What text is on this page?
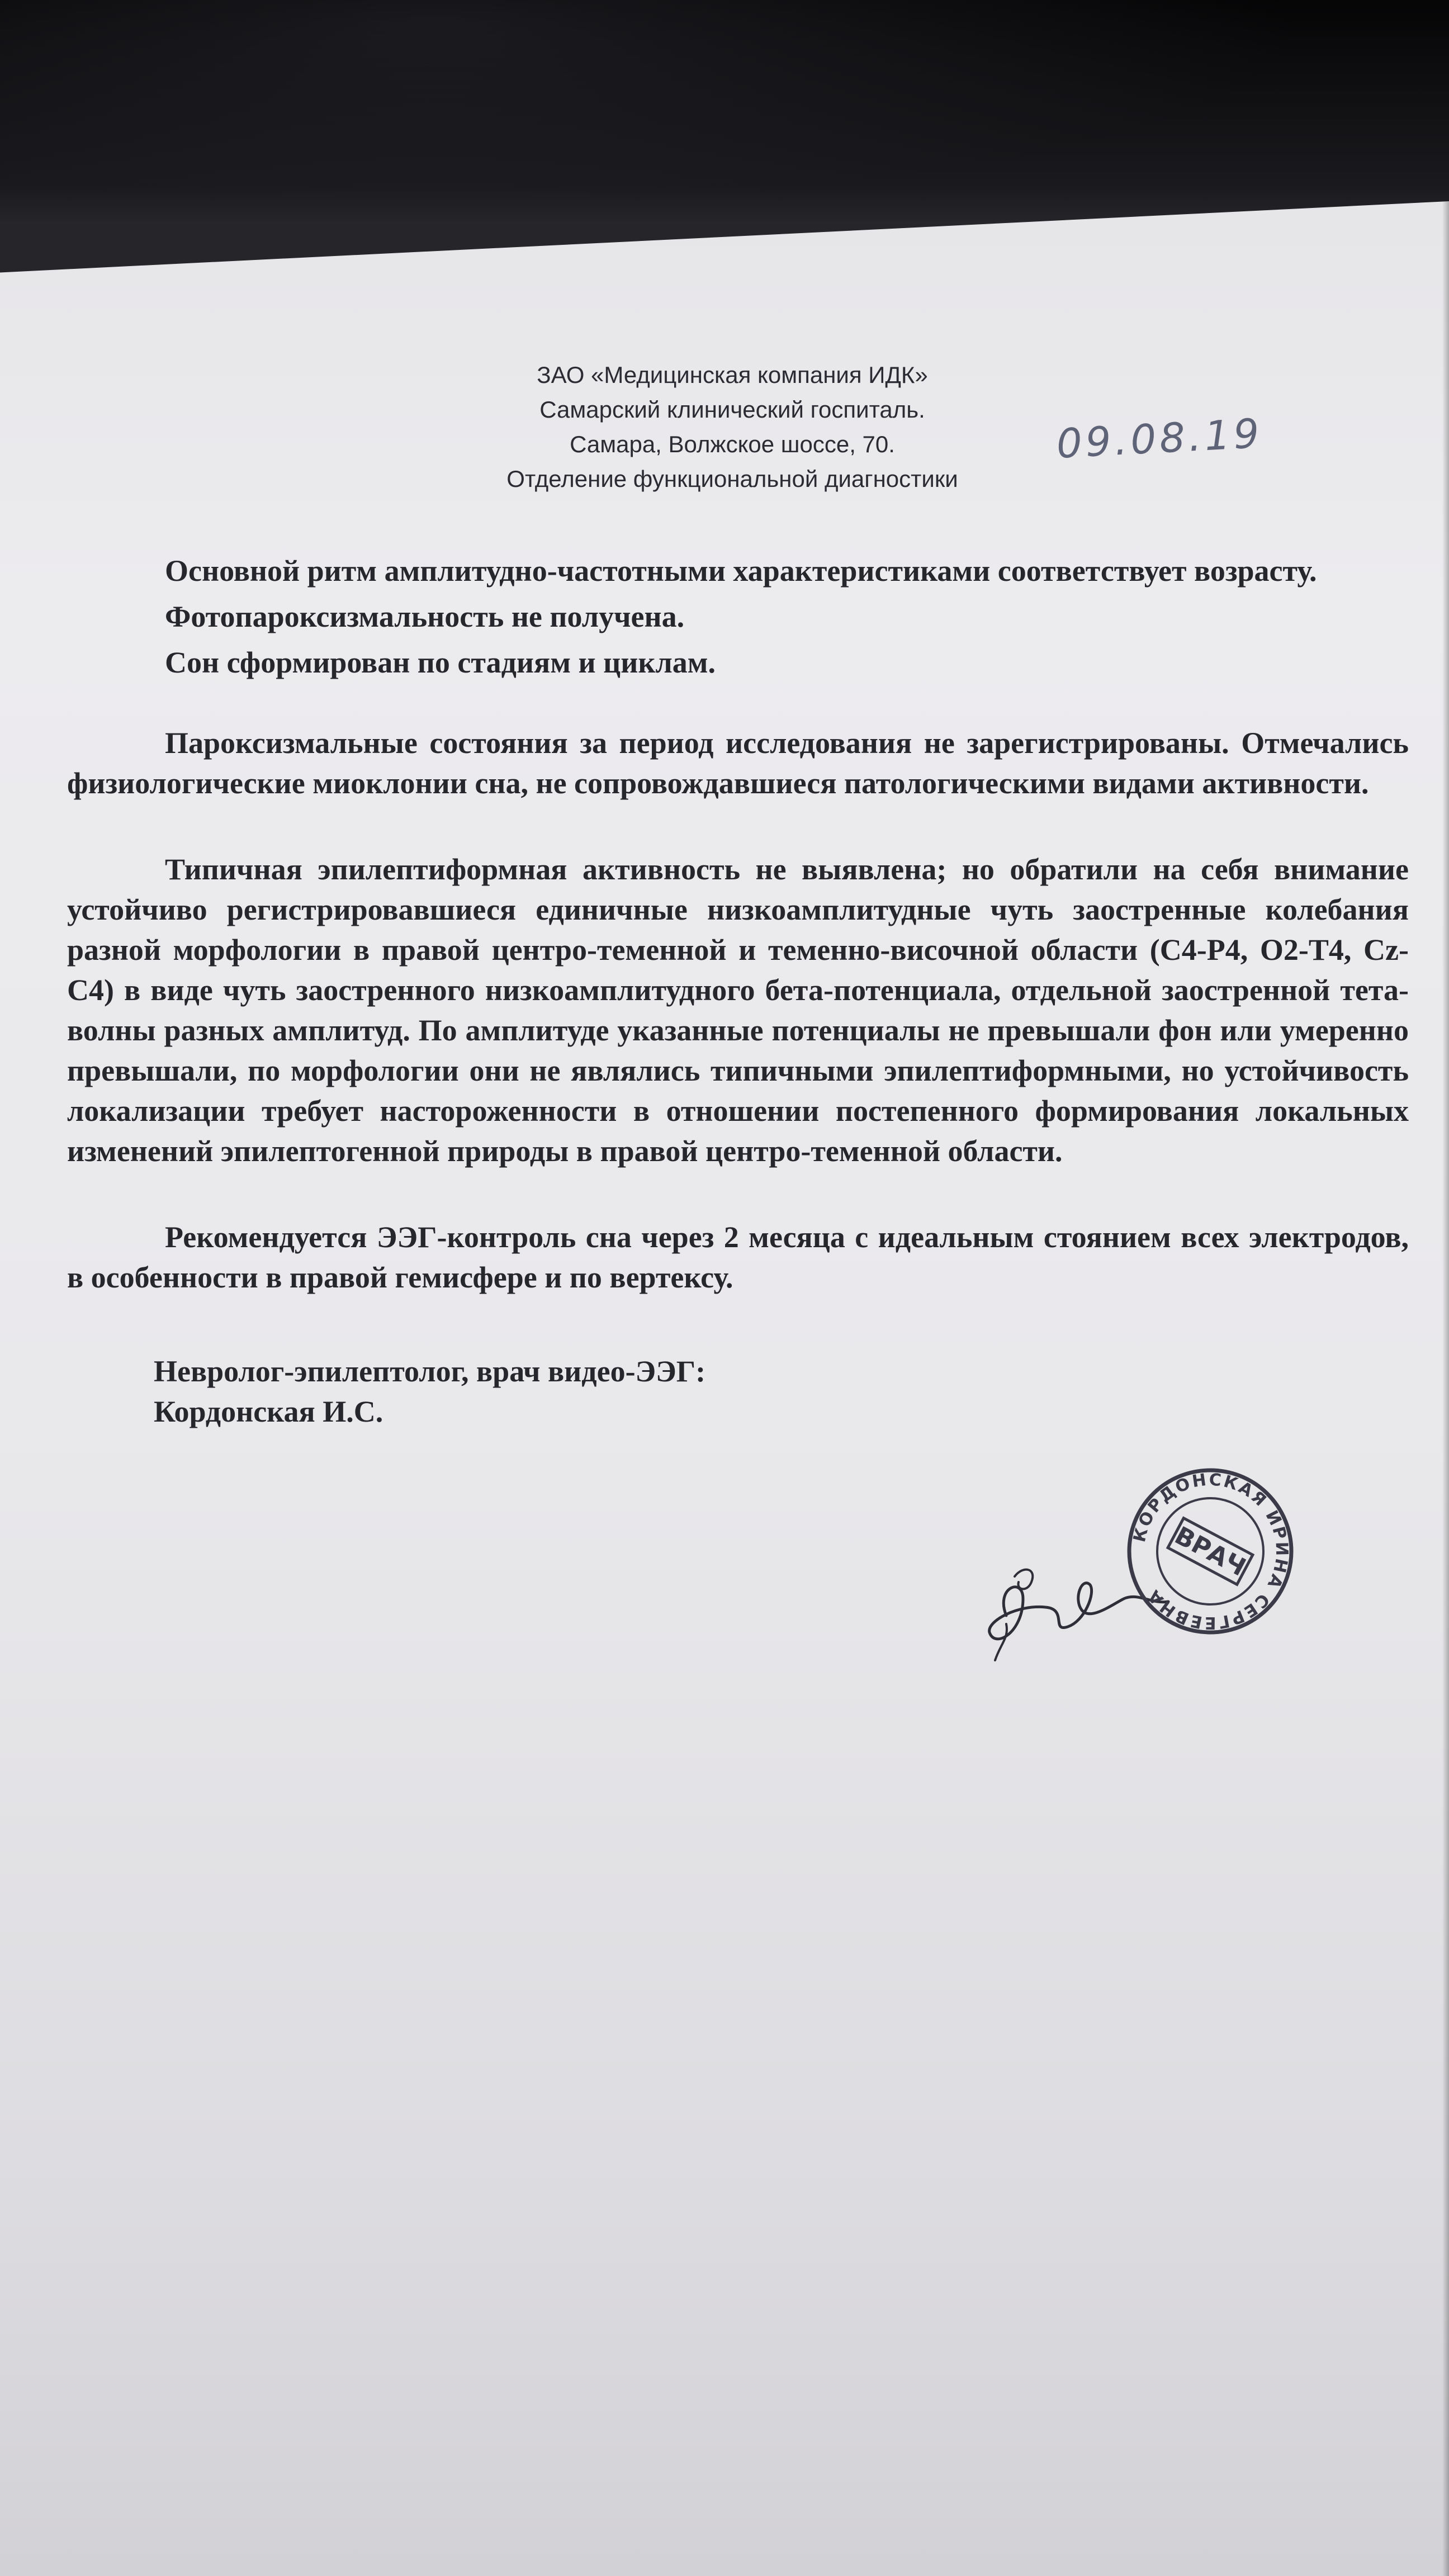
ЗАО «Медицинская компания ИДК»
Самарский клинический госпиталь.
Самара, Волжское шоссе, 70.
Отделение функциональной диагностики
09.08.19

Основной ритм амплитудно-частотными характеристиками соответствует возрасту.

Фотопароксизмальность не получена.

Сон сформирован по стадиям и циклам.

Пароксизмальные состояния за период исследования не зарегистрированы. Отмечались физиологические миоклонии сна, не сопровождавшиеся патологическими видами активности.

Типичная эпилептиформная активность не выявлена; но обратили на себя внимание устойчиво регистрировавшиеся единичные низкоамплитудные чуть заостренные колебания разной морфологии в правой центро-теменной и теменно-височной области (С4-Р4, О2-Т4, Cz-C4) в виде чуть заостренного низкоамплитудного бета-потенциала, отдельной заостренной тета-волны разных амплитуд. По амплитуде указанные потенциалы не превышали фон или умеренно превышали, по морфологии они не являлись типичными эпилептиформными, но устойчивость локализации требует настороженности в отношении постепенного формирования локальных изменений эпилептогенной природы в правой центро-теменной области.

Рекомендуется ЭЭГ-контроль сна через 2 месяца с идеальным стоянием всех электродов, в особенности в правой гемисфере и по вертексу.

Невролог-эпилептолог, врач видео-ЭЭГ:
Кордонская И.С.
КОРДОНСКАЯ ИРИНА СЕРГЕЕВНА
ВРАЧ
